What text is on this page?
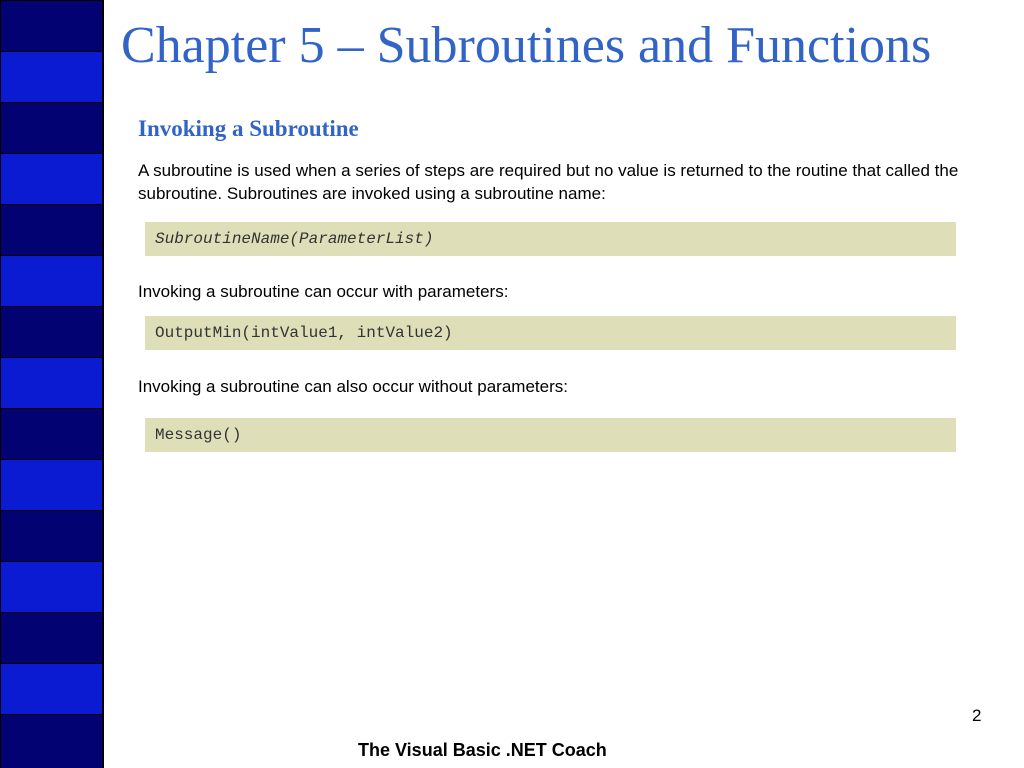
Chapter 5 – Subroutines and Functions
Invoking a Subroutine
A subroutine is used when a series of steps are required but no value is returned to the routine that called the subroutine. Subroutines are invoked using a subroutine name:
SubroutineName(ParameterList)
Invoking a subroutine can occur with parameters:
OutputMin(intValue1, intValue2)
Invoking a subroutine can also occur without parameters:
Message()
2
The Visual Basic .NET Coach
